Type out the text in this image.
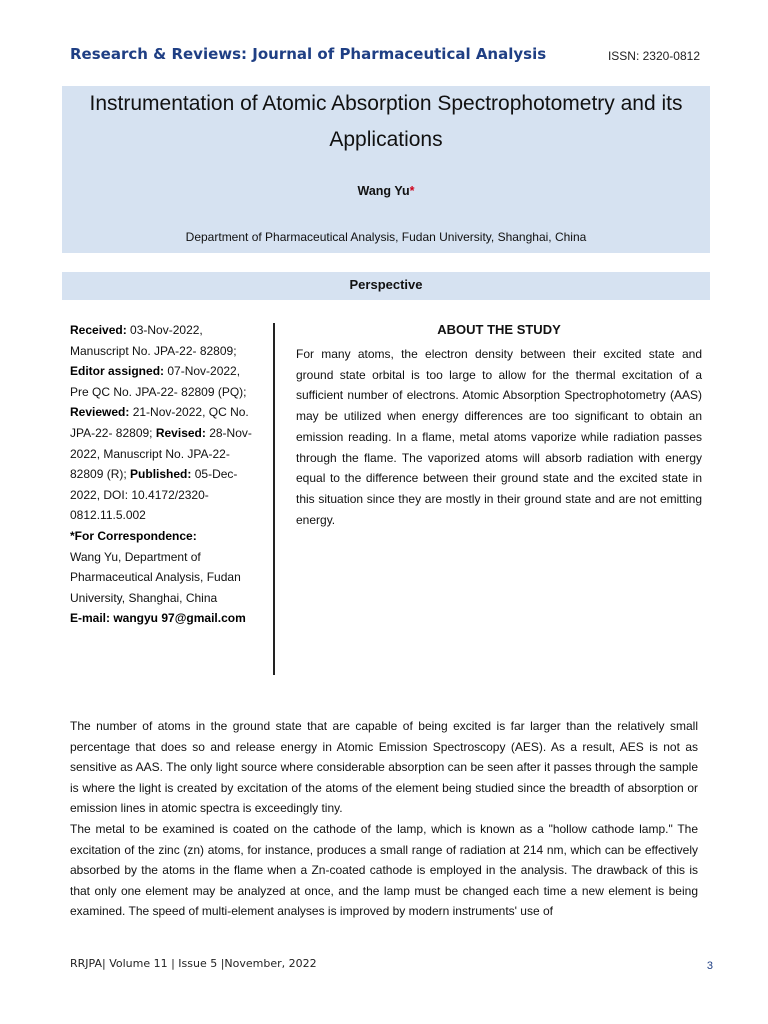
Research & Reviews: Journal of Pharmaceutical Analysis	ISSN: 2320-0812
Instrumentation of Atomic Absorption Spectrophotometry and its
Applications
Wang Yu*
Department of Pharmaceutical Analysis, Fudan University, Shanghai, China
Perspective
Received: 03-Nov-2022, Manuscript No. JPA-22- 82809; Editor assigned: 07-Nov-2022, Pre QC No. JPA-22- 82809 (PQ); Reviewed: 21-Nov-2022, QC No. JPA-22- 82809; Revised: 28-Nov-2022, Manuscript No. JPA-22- 82809 (R); Published: 05-Dec-2022, DOI: 10.4172/2320-0812.11.5.002
*For Correspondence:
Wang Yu, Department of Pharmaceutical Analysis, Fudan University, Shanghai, China
E-mail: wangyu 97@gmail.com
ABOUT THE STUDY

For many atoms, the electron density between their excited state and ground state orbital is too large to allow for the thermal excitation of a sufficient number of electrons. Atomic Absorption Spectrophotometry (AAS) may be utilized when energy differences are too significant to obtain an emission reading. In a flame, metal atoms vaporize while radiation passes through the flame. The vaporized atoms will absorb radiation with energy equal to the difference between their ground state and the excited state in this situation since they are mostly in their ground state and are not emitting energy.

The number of atoms in the ground state that are capable of being excited is far larger than the relatively small percentage that does so and release energy in Atomic Emission Spectroscopy (AES). As a result, AES is not as sensitive as AAS. The only light source where considerable absorption can be seen after it passes through the sample is where the light is created by excitation of the atoms of the element being studied since the breadth of absorption or emission lines in atomic spectra is exceedingly tiny.

The metal to be examined is coated on the cathode of the lamp, which is known as a "hollow cathode lamp." The excitation of the zinc (zn) atoms, for instance, produces a small range of radiation at 214 nm, which can be effectively absorbed by the atoms in the flame when a Zn-coated cathode is employed in the analysis. The drawback of this is that only one element may be analyzed at once, and the lamp must be changed each time a new element is being examined. The speed of multi-element analyses is improved by modern instruments' use of

RRJPA| Volume 11 | Issue 5 |November, 2022	3
